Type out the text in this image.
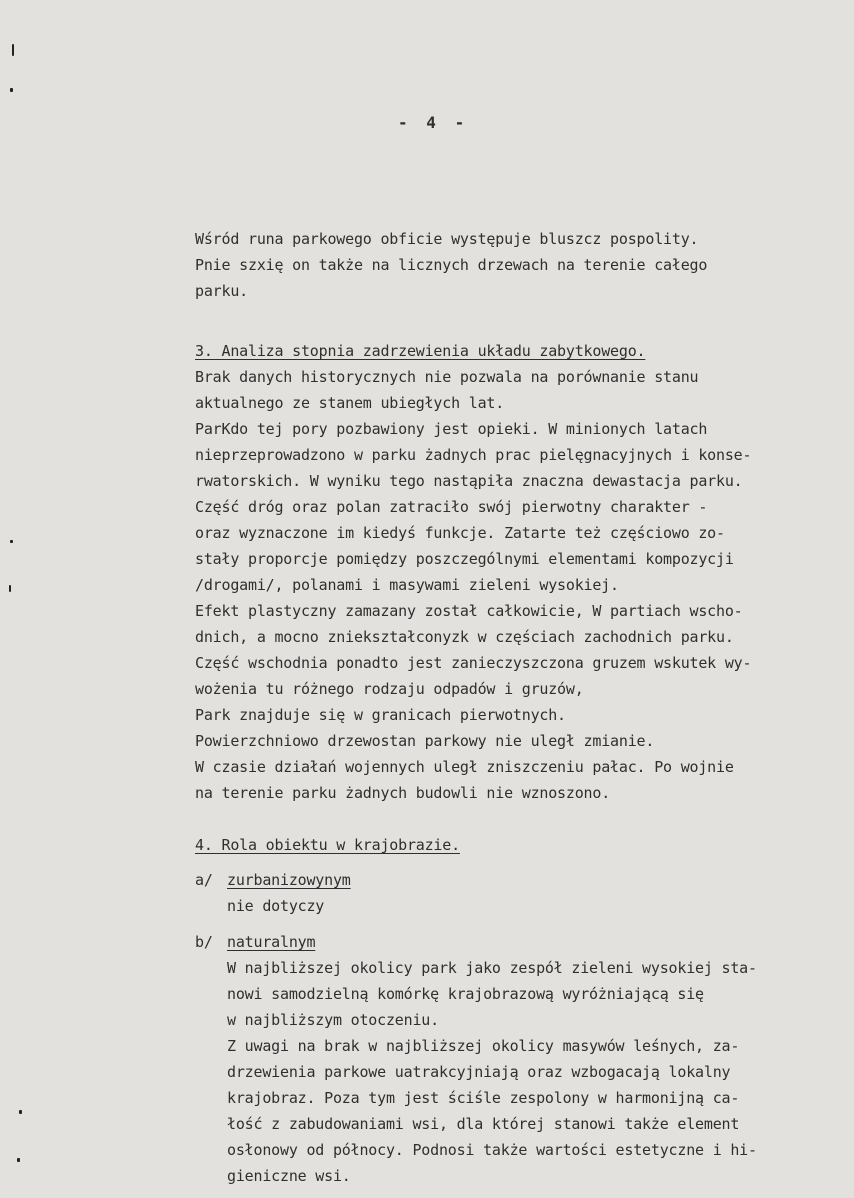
-  4  -
Wśród runa parkowego obficie występuje bluszcz pospolity.
Pnie szxię on także na licznych drzewach na terenie całego
parku.
3. Analiza stopnia zadrzewienia układu zabytkowego.
Brak danych historycznych nie pozwala na porównanie stanu
aktualnego ze stanem ubiegłych lat.
ParKdo tej pory pozbawiony jest opieki. W minionych latach
nieprzeprowadzono w parku żadnych prac pielęgnacyjnych i konse-
rwatorskich. W wyniku tego nastąpiła znaczna dewastacja parku.
Część dróg oraz polan zatraciło swój pierwotny charakter -
oraz wyznaczone im kiedyś funkcje. Zatarte też częściowo zo-
stały proporcje pomiędzy poszczególnymi elementami kompozycji
/drogami/, polanami i masywami zieleni wysokiej.
Efekt plastyczny zamazany został całkowicie, W partiach wscho-
dnich, a mocno zniekształconyzk w częściach zachodnich parku.
Część wschodnia ponadto jest zanieczyszczona gruzem wskutek wy-
wożenia tu różnego rodzaju odpadów i gruzów,
Park znajduje się w granicach pierwotnych.
Powierzchniowo drzewostan parkowy nie uległ zmianie.
W czasie działań wojennych uległ zniszczeniu pałac. Po wojnie
na terenie parku żadnych budowli nie wznoszono.
4. Rola obiektu w krajobrazie.
a/ zurbanizowynym
nie dotyczy
b/ naturalnym
W najbliższej okolicy park jako zespół zieleni wysokiej sta-
nowi samodzielną komórkę krajobrazową wyróżniającą się
w najbliższym otoczeniu.
Z uwagi na brak w najbliższej okolicy masywów leśnych, za-
drzewienia parkowe uatrakcyjniają oraz wzbogacają lokalny
krajobraz. Poza tym jest ściśle zespolony w harmonijną ca-
łość z zabudowaniami wsi, dla której stanowi także element
osłonowy od północy. Podnosi także wartości estetyczne i hi-
gieniczne wsi.
